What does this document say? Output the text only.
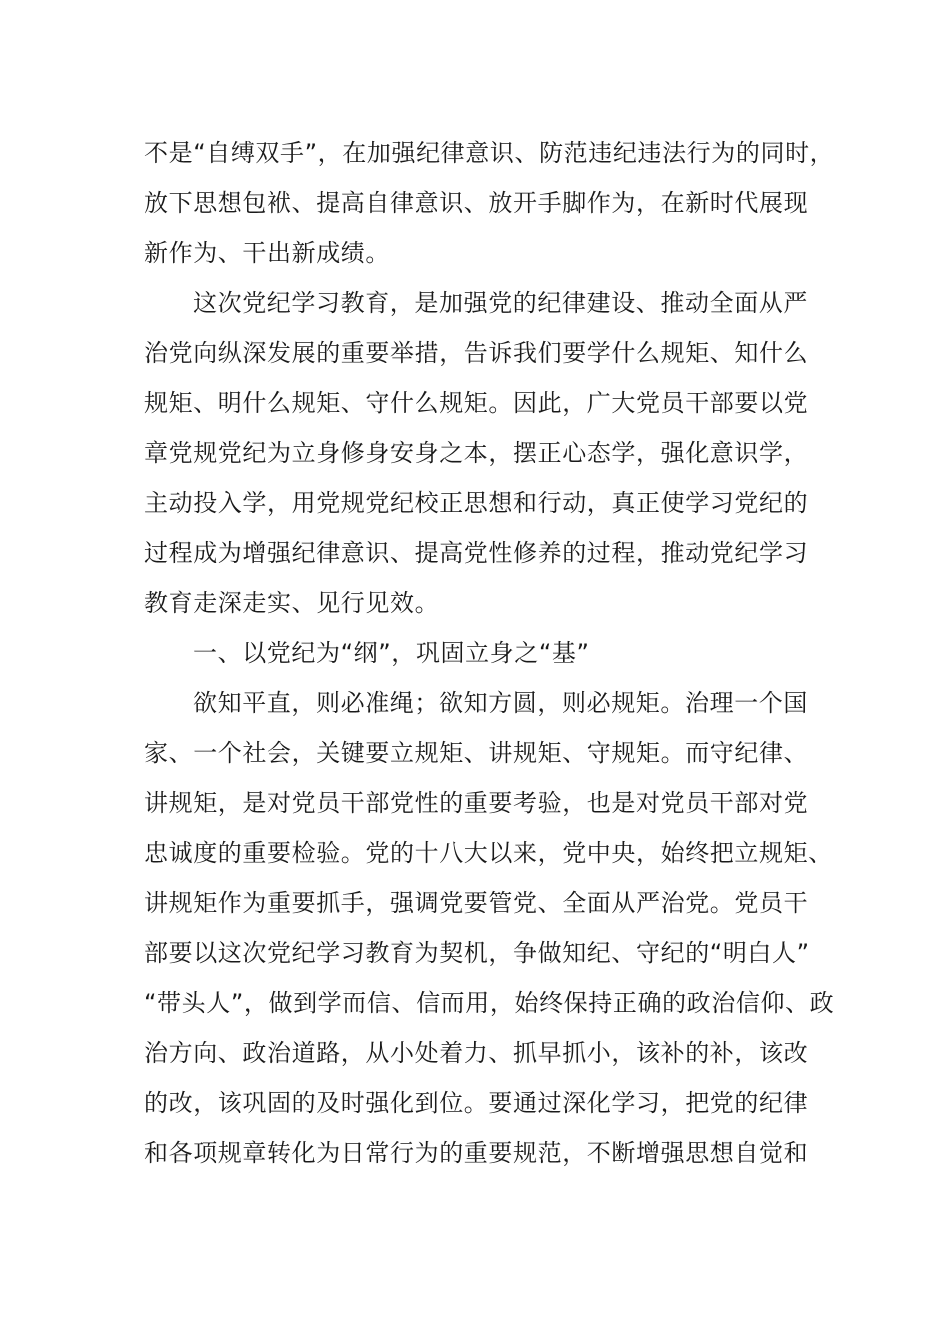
不是“自缚双手”，在加强纪律意识、防范违纪违法行为的同时，
放下思想包袱、提高自律意识、放开手脚作为，在新时代展现
新作为、干出新成绩。
这次党纪学习教育，是加强党的纪律建设、推动全面从严
治党向纵深发展的重要举措，告诉我们要学什么规矩、知什么
规矩、明什么规矩、守什么规矩。因此，广大党员干部要以党
章党规党纪为立身修身安身之本，摆正心态学，强化意识学，
主动投入学，用党规党纪校正思想和行动，真正使学习党纪的
过程成为增强纪律意识、提高党性修养的过程，推动党纪学习
教育走深走实、见行见效。
一、以党纪为“纲”，巩固立身之“基”
欲知平直，则必准绳；欲知方圆，则必规矩。治理一个国
家、一个社会，关键要立规矩、讲规矩、守规矩。而守纪律、
讲规矩，是对党员干部党性的重要考验，也是对党员干部对党
忠诚度的重要检验。党的十八大以来，党中央，始终把立规矩、
讲规矩作为重要抓手，强调党要管党、全面从严治党。党员干
部要以这次党纪学习教育为契机，争做知纪、守纪的“明白人”
“带头人”，做到学而信、信而用，始终保持正确的政治信仰、政
治方向、政治道路，从小处着力、抓早抓小，该补的补，该改
的改，该巩固的及时强化到位。要通过深化学习，把党的纪律
和各项规章转化为日常行为的重要规范，不断增强思想自觉和
